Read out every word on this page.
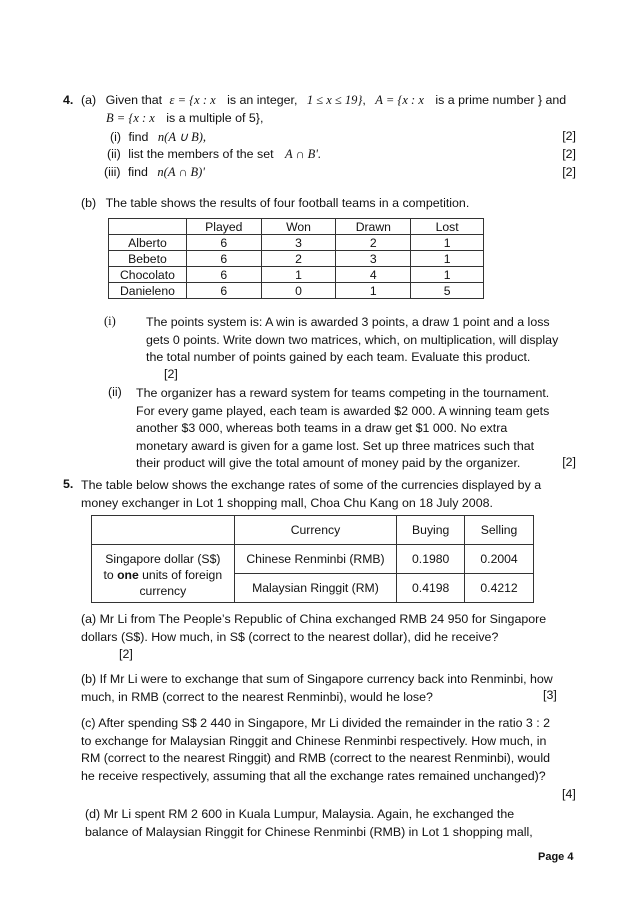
4. (a) Given that ε = {x : x is an integer, 1 ≤ x ≤ 19}, A = {x : x is a prime number } and
B = {x : x is a multiple of 5},
(i) find n(A ∪ B),	[2]
(ii) list the members of the set A ∩ B'.	[2]
(iii) find n(A ∩ B)'	[2]
(b) The table shows the results of four football teams in a competition.
	Played	Won	Drawn	Lost
Alberto	6	3	2	1
Bebeto	6	2	3	1
Chocolato	6	1	4	1
Danieleno	6	0	1	5
(i) The points system is: A win is awarded 3 points, a draw 1 point and a loss
gets 0 points. Write down two matrices, which, on multiplication, will display
the total number of points gained by each team. Evaluate this product.
[2]
(ii) The organizer has a reward system for teams competing in the tournament.
For every game played, each team is awarded $2 000. A winning team gets
another $3 000, whereas both teams in a draw get $1 000. No extra
monetary award is given for a game lost. Set up three matrices such that
their product will give the total amount of money paid by the organizer.	[2]
5. The table below shows the exchange rates of some of the currencies displayed by a
money exchanger in Lot 1 shopping mall, Choa Chu Kang on 18 July 2008.
	Currency	Buying	Selling

Singapore dollar (S$)
to one units of foreign
currency	Chinese Renminbi (RMB)	0.1980	0.2004
	Malaysian Ringgit (RM)	0.4198	0.4212
(a) Mr Li from The People’s Republic of China exchanged RMB 24 950 for Singapore
dollars (S$). How much, in S$ (correct to the nearest dollar), did he receive?
[2]
(b) If Mr Li were to exchange that sum of Singapore currency back into Renminbi, how
much, in RMB (correct to the nearest Renminbi), would he lose?	[3]
(c) After spending S$ 2 440 in Singapore, Mr Li divided the remainder in the ratio 3 : 2
to exchange for Malaysian Ringgit and Chinese Renminbi respectively. How much, in
RM (correct to the nearest Ringgit) and RMB (correct to the nearest Renminbi), would
he receive respectively, assuming that all the exchange rates remained unchanged)?
[4]
(d) Mr Li spent RM 2 600 in Kuala Lumpur, Malaysia. Again, he exchanged the
balance of Malaysian Ringgit for Chinese Renminbi (RMB) in Lot 1 shopping mall,
Page 4
